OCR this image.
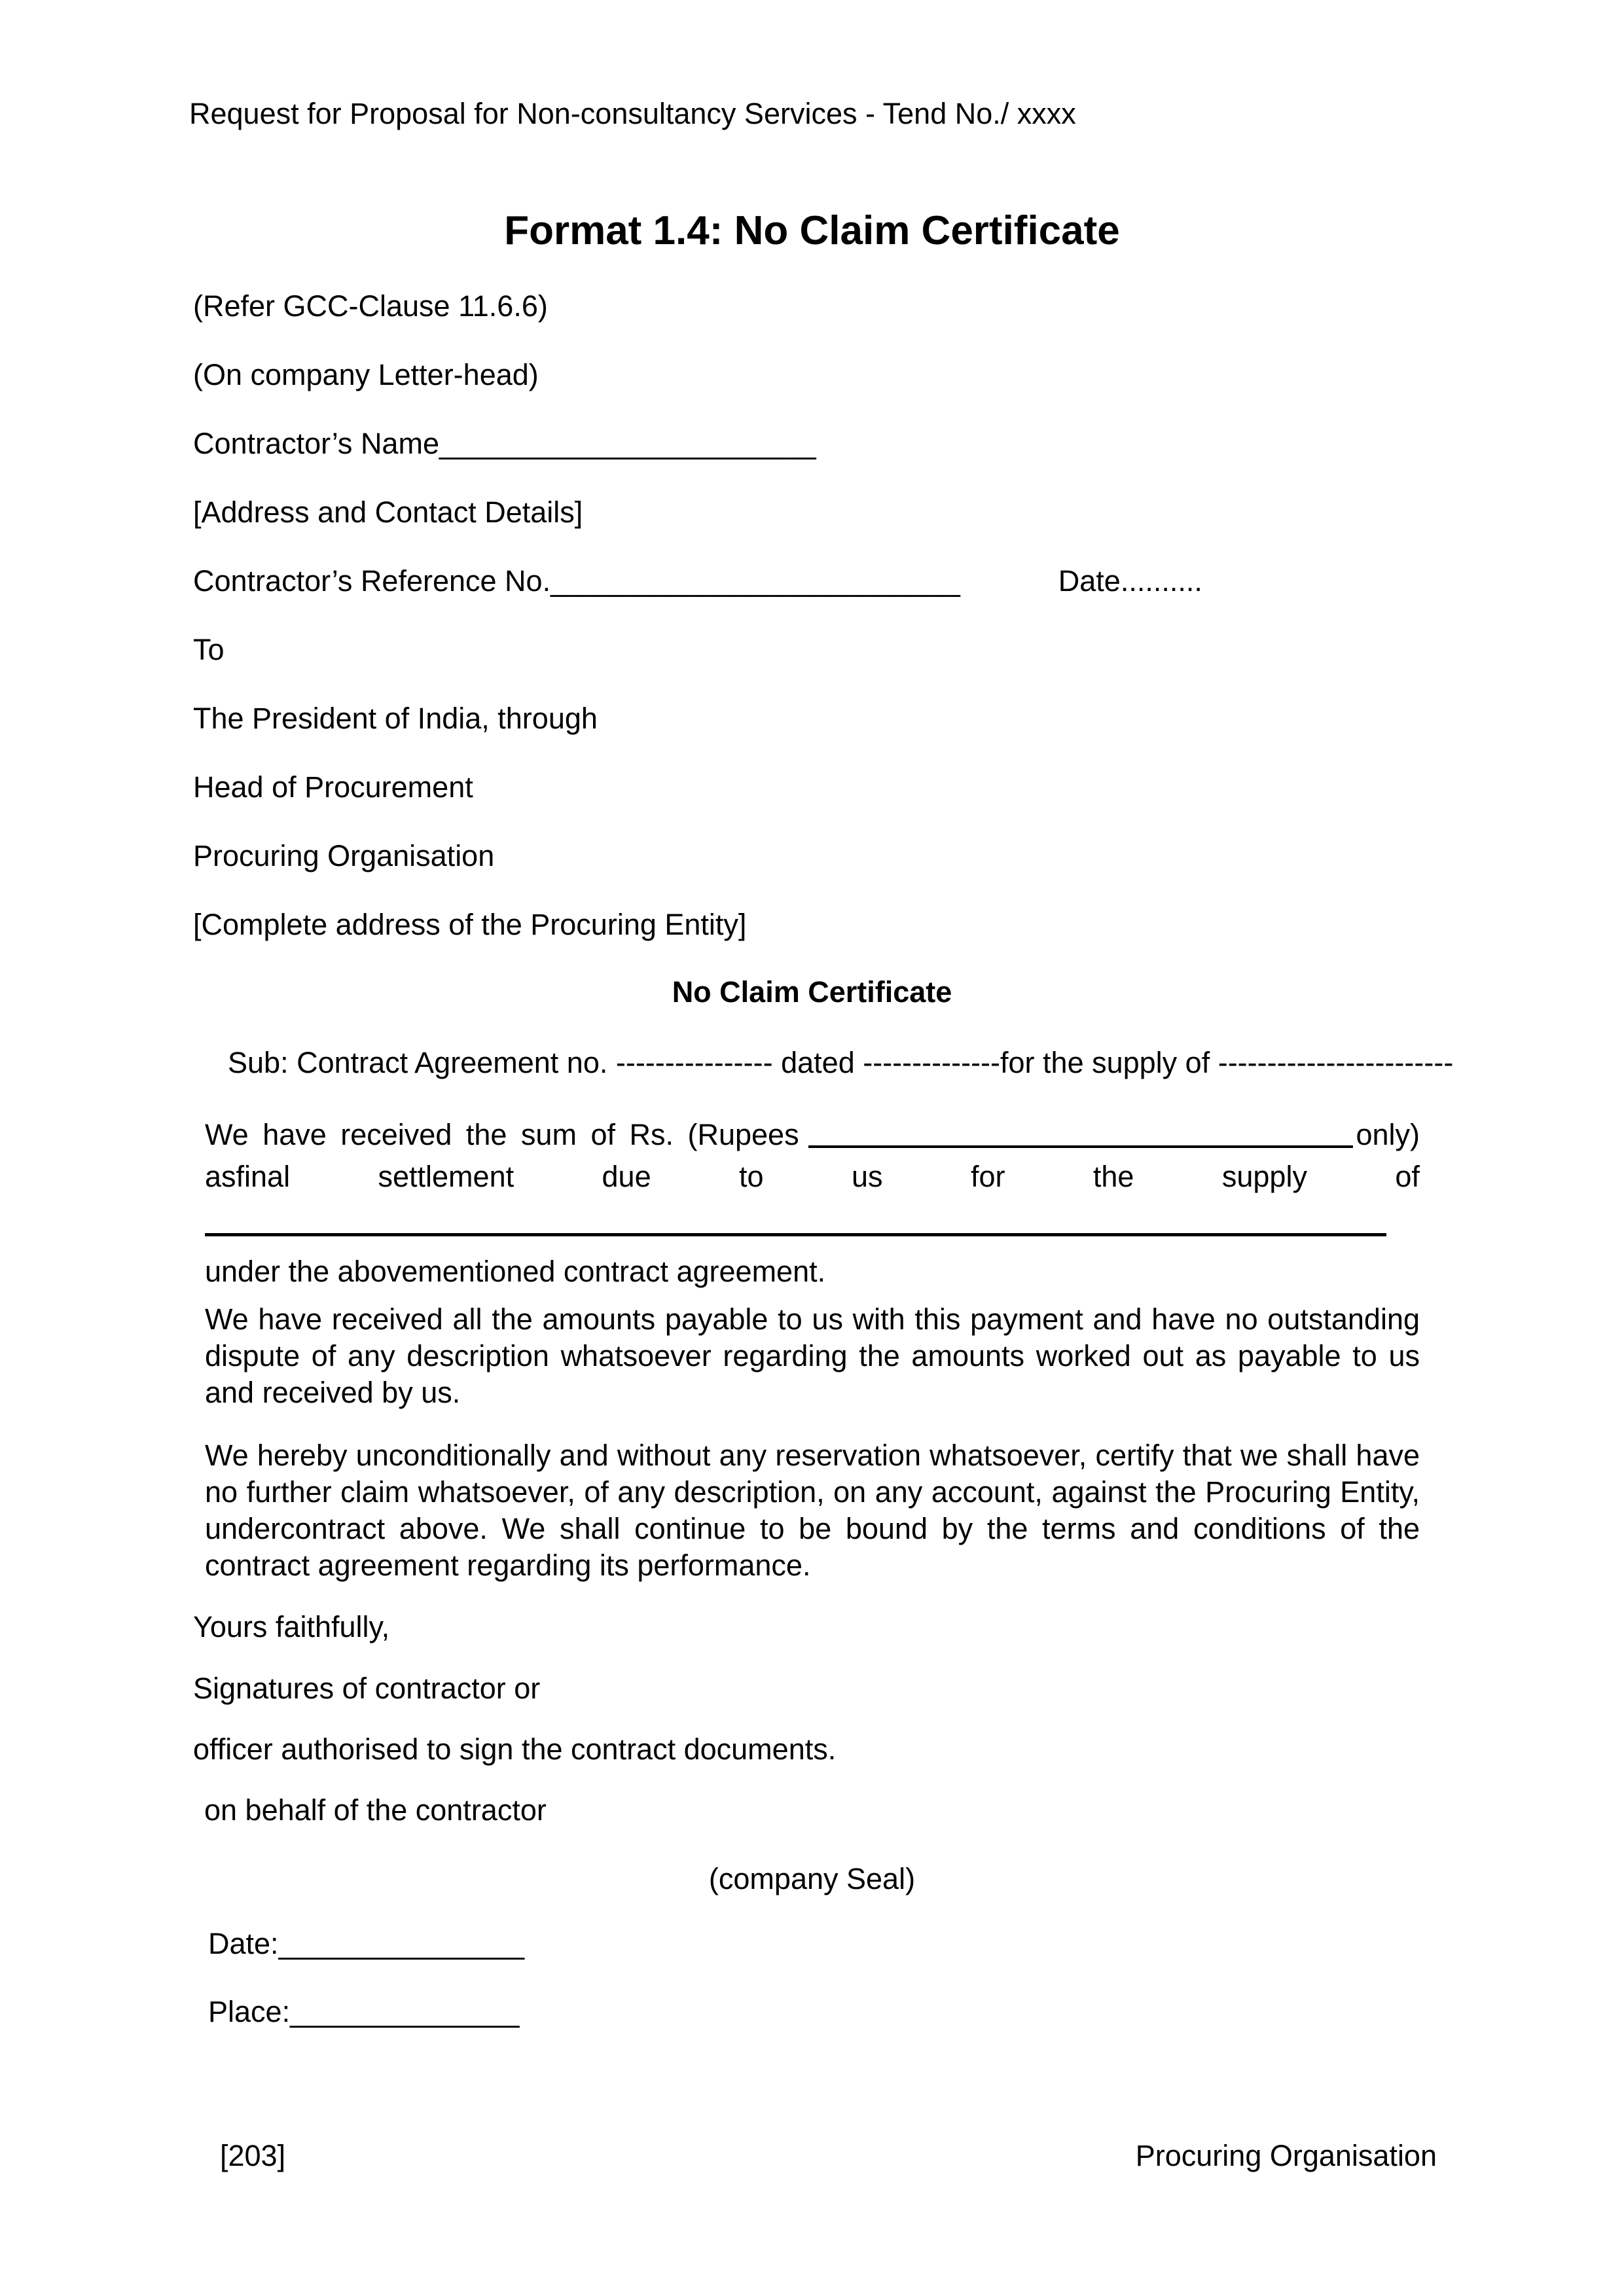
Request for Proposal for Non-consultancy Services - Tend No./ xxxx
Format 1.4: No Claim Certificate
(Refer GCC-Clause 11.6.6)
(On company Letter-head)
Contractor’s Name_______________________
[Address and Contact Details]
Contractor’s Reference No._________________________	Date..........
To
The President of India, through
Head of Procurement
Procuring Organisation
[Complete address of the Procuring Entity]
No Claim Certificate
Sub: Contract Agreement no. ---------------- dated --------------for the supply of ------------------------
We have received the sum of Rs. (Rupees	only)
asfinal	settlement	due	to	us	for	the	supply	of
under the abovementioned contract agreement.
We have received all the amounts payable to us with this payment and have no outstanding dispute of any description whatsoever regarding the amounts worked out as payable to us and received by us.
We hereby unconditionally and without any reservation whatsoever, certify that we shall have no further claim whatsoever, of any description, on any account, against the Procuring Entity, undercontract above. We shall continue to be bound by the terms and conditions of the contract agreement regarding its performance.
Yours faithfully,
Signatures of contractor or
officer authorised to sign the contract documents.
on behalf of the contractor
(company Seal)
Date:_______________
Place:______________
[203]	Procuring Organisation
